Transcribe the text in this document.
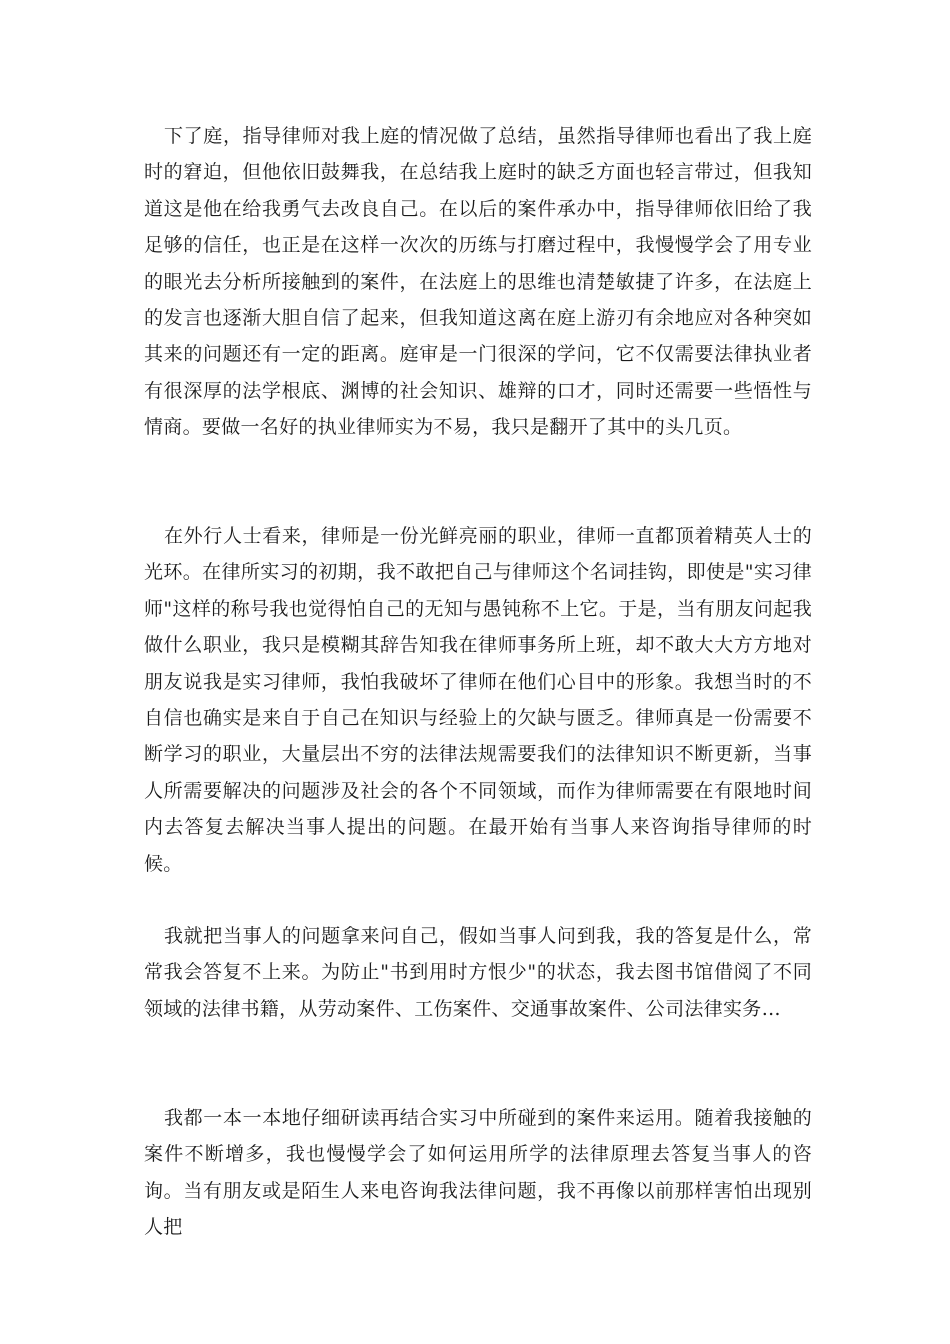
下了庭，指导律师对我上庭的情况做了总结，虽然指导律师也看出了我上庭时的窘迫，但他依旧鼓舞我，在总结我上庭时的缺乏方面也轻言带过，但我知道这是他在给我勇气去改良自己。在以后的案件承办中，指导律师依旧给了我足够的信任，也正是在这样一次次的历练与打磨过程中，我慢慢学会了用专业的眼光去分析所接触到的案件，在法庭上的思维也清楚敏捷了许多，在法庭上的发言也逐渐大胆自信了起来，但我知道这离在庭上游刃有余地应对各种突如其来的问题还有一定的距离。庭审是一门很深的学问，它不仅需要法律执业者有很深厚的法学根底、渊博的社会知识、雄辩的口才，同时还需要一些悟性与情商。要做一名好的执业律师实为不易，我只是翻开了其中的头几页。

在外行人士看来，律师是一份光鲜亮丽的职业，律师一直都顶着精英人士的光环。在律所实习的初期，我不敢把自己与律师这个名词挂钩，即使是"实习律师"这样的称号我也觉得怕自己的无知与愚钝称不上它。于是，当有朋友问起我做什么职业，我只是模糊其辞告知我在律师事务所上班，却不敢大大方方地对朋友说我是实习律师，我怕我破坏了律师在他们心目中的形象。我想当时的不自信也确实是来自于自己在知识与经验上的欠缺与匮乏。律师真是一份需要不断学习的职业，大量层出不穷的法律法规需要我们的法律知识不断更新，当事人所需要解决的问题涉及社会的各个不同领域，而作为律师需要在有限地时间内去答复去解决当事人提出的问题。在最开始有当事人来咨询指导律师的时候。

我就把当事人的问题拿来问自己，假如当事人问到我，我的答复是什么，常常我会答复不上来。为防止"书到用时方恨少"的状态，我去图书馆借阅了不同领域的法律书籍，从劳动案件、工伤案件、交通事故案件、公司法律实务…

我都一本一本地仔细研读再结合实习中所碰到的案件来运用。随着我接触的案件不断增多，我也慢慢学会了如何运用所学的法律原理去答复当事人的咨询。当有朋友或是陌生人来电咨询我法律问题，我不再像以前那样害怕出现别人把
